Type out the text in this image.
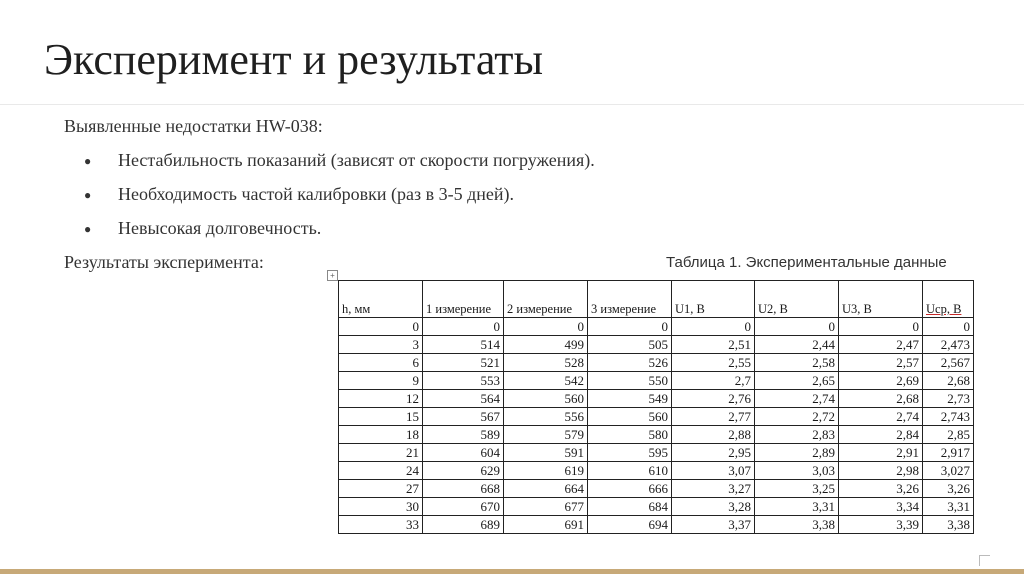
Эксперимент и результаты
Выявленные недостатки HW-038:
● Нестабильность показаний (зависят от скорости погружения).
● Необходимость частой калибровки (раз в 3-5 дней).
● Невысокая долговечность.
Результаты эксперимента:	Таблица 1. Экспериментальные данные
+
h, мм	1 измерение	2 измерение	3 измерение	U1, В	U2, В	U3, В	Uср, В
0	0	0	0	0	0	0	0
3	514	499	505	2,51	2,44	2,47	2,473
6	521	528	526	2,55	2,58	2,57	2,567
9	553	542	550	2,7	2,65	2,69	2,68
12	564	560	549	2,76	2,74	2,68	2,73
15	567	556	560	2,77	2,72	2,74	2,743
18	589	579	580	2,88	2,83	2,84	2,85
21	604	591	595	2,95	2,89	2,91	2,917
24	629	619	610	3,07	3,03	2,98	3,027
27	668	664	666	3,27	3,25	3,26	3,26
30	670	677	684	3,28	3,31	3,34	3,31
33	689	691	694	3,37	3,38	3,39	3,38
